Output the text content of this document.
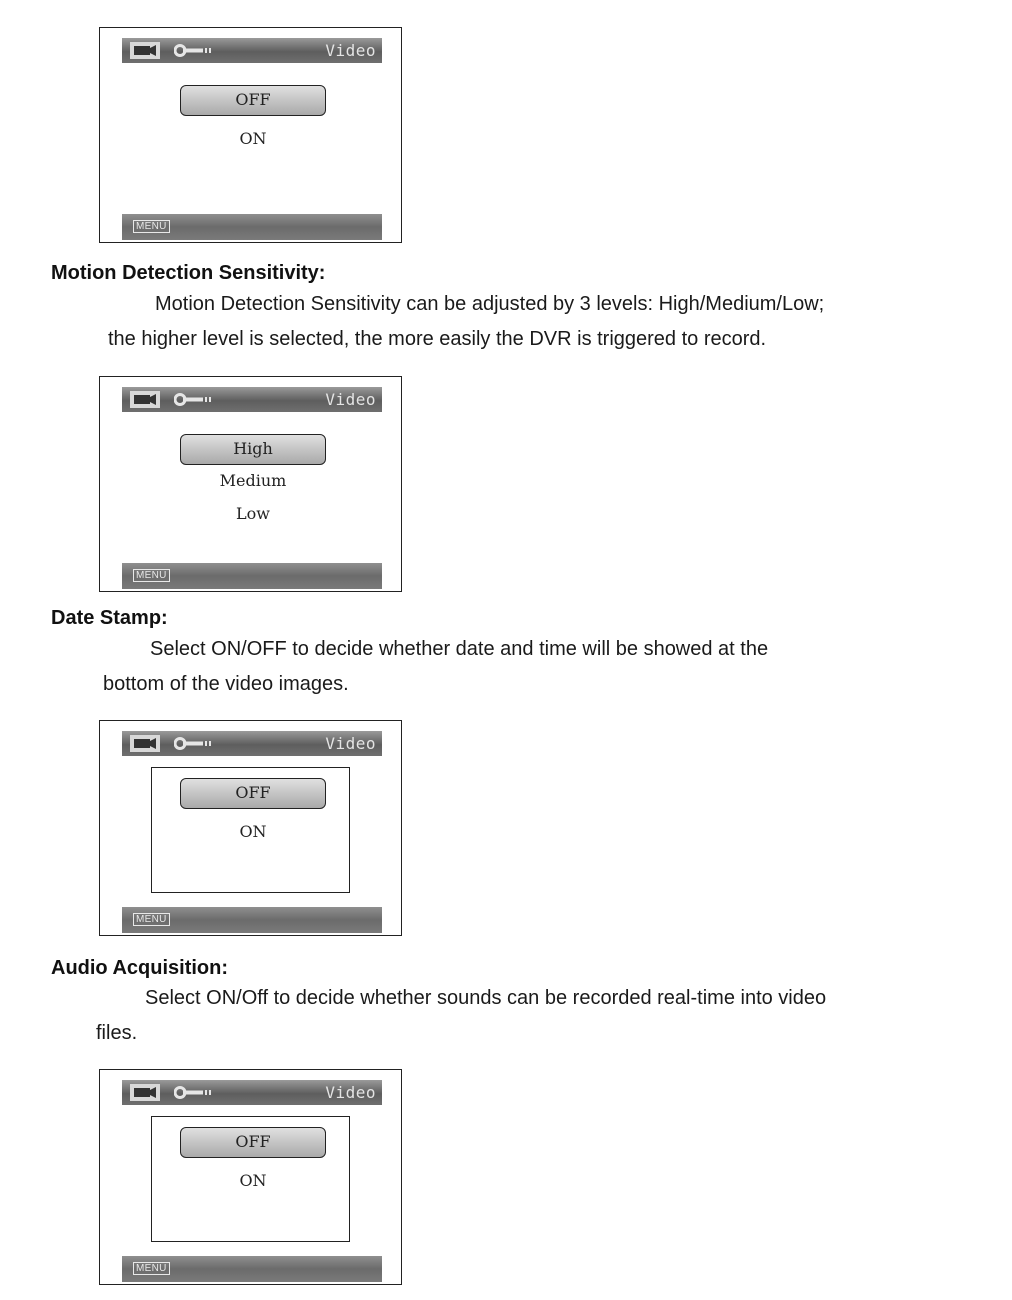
Video
OFF
ON
MENU
Motion Detection Sensitivity:
Motion Detection Sensitivity can be adjusted by 3 levels: High/Medium/Low;
the higher level is selected, the more easily the DVR is triggered to record.
Video
High
Medium
Low
MENU
Date Stamp:
Select ON/OFF to decide whether date and time will be showed at the
bottom of the video images.
Video
OFF
ON
MENU
Audio Acquisition:
Select ON/Off to decide whether sounds can be recorded real-time into video
files.
Video
OFF
ON
MENU
